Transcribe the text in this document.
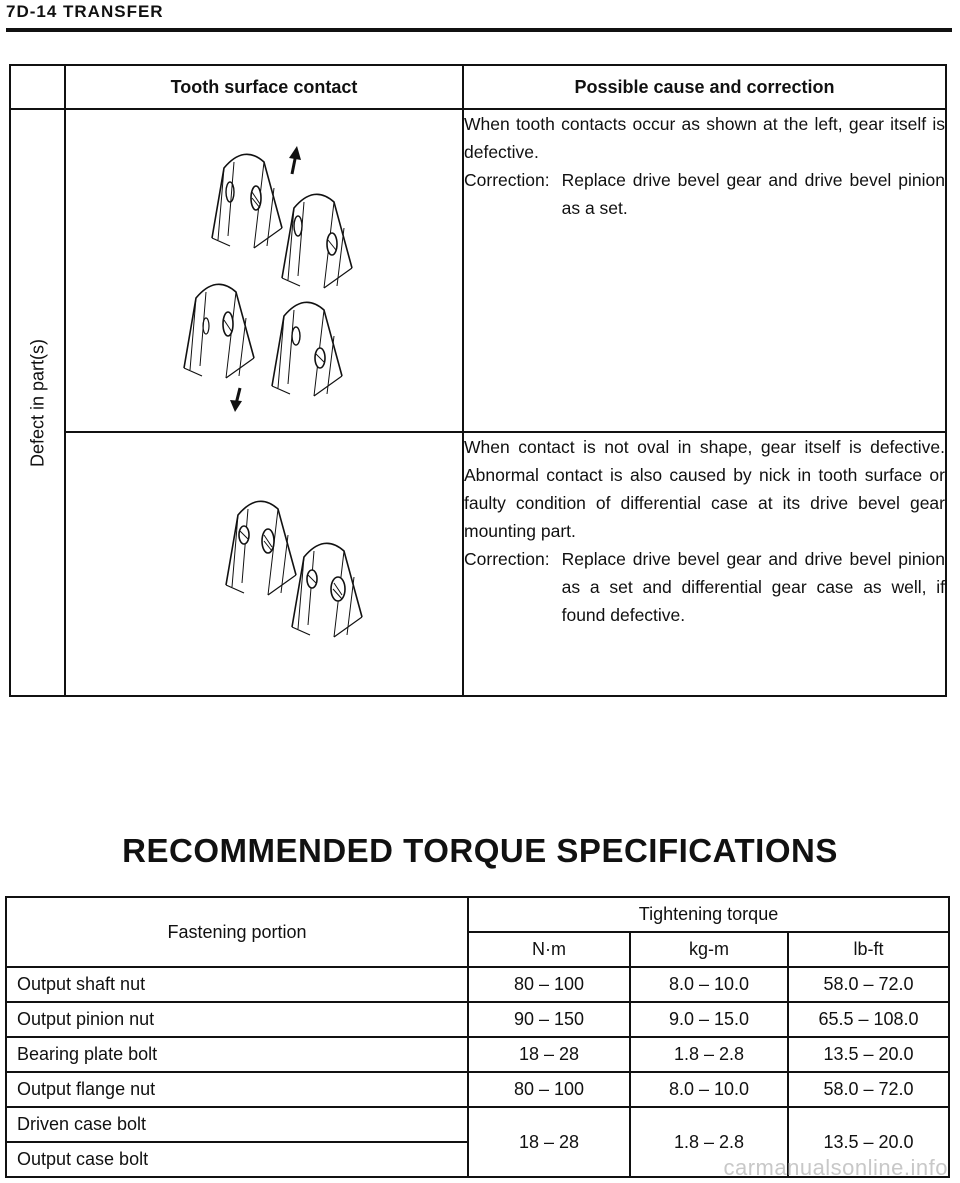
7D-14 TRANSFER
	Tooth surface contact	Possible cause and correction

Defect in part(s)		When tooth contacts occur as shown at the left, gear itself is defective.

Correction: Replace drive bevel gear and drive bevel pinion as a set.

When contact is not oval in shape, gear itself is defective. Abnormal contact is also caused by nick in tooth surface or faulty condition of differential case at its drive bevel gear mounting part.

Correction: Replace drive bevel gear and drive bevel pinion as a set and differential gear case as well, if found defective.
RECOMMENDED TORQUE SPECIFICATIONS
Fastening portion	Tightening torque		
	N·m	kg-m	lb-ft
Output shaft nut	80 – 100	8.0 – 10.0	58.0 – 72.0
Output pinion nut	90 – 150	9.0 – 15.0	65.5 – 108.0
Bearing plate bolt	18 – 28	1.8 – 2.8	13.5 – 20.0
Output flange nut	80 – 100	8.0 – 10.0	58.0 – 72.0
Driven case bolt	18 – 28	1.8 – 2.8	13.5 – 20.0
Output case bolt				carmanualsonline.info
